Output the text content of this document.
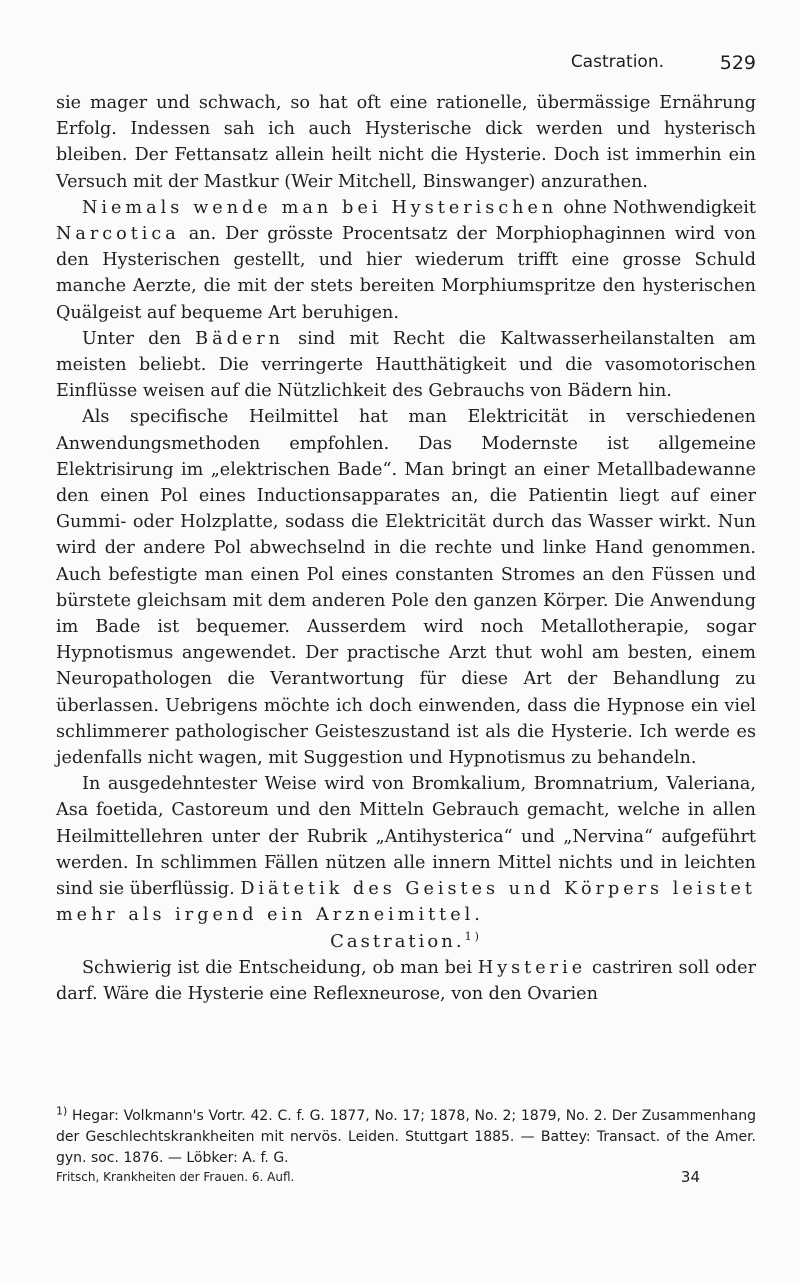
Castration.	529

sie mager und schwach, so hat oft eine rationelle, übermässige Ernährung Erfolg. Indessen sah ich auch Hysterische dick werden und hysterisch bleiben. Der Fettansatz allein heilt nicht die Hysterie. Doch ist immerhin ein Versuch mit der Mastkur (Weir Mitchell, Binswanger) anzurathen.

Niemals wende man bei Hysterischen ohne Nothwendigkeit Narcotica an. Der grösste Procentsatz der Morphiophaginnen wird von den Hysterischen gestellt, und hier wiederum trifft eine grosse Schuld manche Aerzte, die mit der stets bereiten Morphiumspritze den hysterischen Quälgeist auf bequeme Art beruhigen.

Unter den Bädern sind mit Recht die Kaltwasserheilanstalten am meisten beliebt. Die verringerte Hautthätigkeit und die vasomotorischen Einflüsse weisen auf die Nützlichkeit des Gebrauchs von Bädern hin.

Als specifische Heilmittel hat man Elektricität in verschiedenen Anwendungsmethoden empfohlen. Das Modernste ist allgemeine Elektrisirung im „elektrischen Bade“. Man bringt an einer Metallbadewanne den einen Pol eines Inductionsapparates an, die Patientin liegt auf einer Gummi- oder Holzplatte, sodass die Elektricität durch das Wasser wirkt. Nun wird der andere Pol abwechselnd in die rechte und linke Hand genommen. Auch befestigte man einen Pol eines constanten Stromes an den Füssen und bürstete gleichsam mit dem anderen Pole den ganzen Körper. Die Anwendung im Bade ist bequemer. Ausserdem wird noch Metallotherapie, sogar Hypnotismus angewendet. Der practische Arzt thut wohl am besten, einem Neuropathologen die Verantwortung für diese Art der Behandlung zu überlassen. Uebrigens möchte ich doch einwenden, dass die Hypnose ein viel schlimmerer pathologischer Geisteszustand ist als die Hysterie. Ich werde es jedenfalls nicht wagen, mit Suggestion und Hypnotismus zu behandeln.

In ausgedehntester Weise wird von Bromkalium, Bromnatrium, Valeriana, Asa foetida, Castoreum und den Mitteln Gebrauch gemacht, welche in allen Heilmittellehren unter der Rubrik „Antihysterica“ und „Nervina“ aufgeführt werden. In schlimmen Fällen nützen alle innern Mittel nichts und in leichten sind sie überflüssig. Diätetik des Geistes und Körpers leistet mehr als irgend ein Arzneimittel.

Castration.$^{1)}$

Schwierig ist die Entscheidung, ob man bei Hysterie castriren soll oder darf. Wäre die Hysterie eine Reflexneurose, von den Ovarien

$^{1)}$ Hegar: Volkmann's Vortr. 42. C. f. G. 1877, No. 17; 1878, No. 2; 1879, No. 2. Der Zusammenhang der Geschlechtskrankheiten mit nervös. Leiden. Stuttgart 1885. — Battey: Transact. of the Amer. gyn. soc. 1876. — Löbker: A. f. G.

Fritsch, Krankheiten der Frauen. 6. Aufl.	34
